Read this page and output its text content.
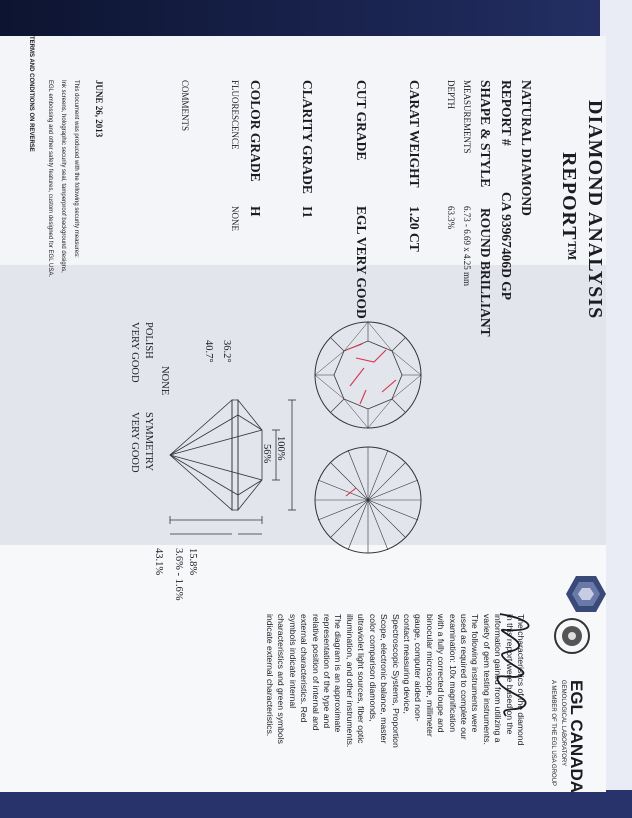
DIAMOND ANALYSIS
REPORT™
NATURAL DIAMOND
REPORT #
CA 93967406D GP
SHAPE & STYLE
ROUND BRILLIANT
MEASUREMENTS
6.73 - 6.69 x 4.25 mm
DEPTH
63.3%
CARAT WEIGHT
1.20 CT
CUT GRADE
EGL VERY GOOD
CLARITY GRADE
I1
COLOR GRADE
H
FLUORESCENCE
NONE
COMMENTS
JUNE 26, 2013
This document was produced with the following security measures:
Ink screens, holographic security seal, tamperproof background designs,
EGL embossing and other safety features, custom designed for EGL USA.
TERMS AND CONDITIONS ON REVERSE
100%
56%
36.2°
40.7°
15.8%
3.6% - 1.6%
43.1%
NONE
POLISH
VERY GOOD
SYMMETRY
VERY GOOD
The characteristics of the diamond
in this report were based on the
information gained from utilizing a
variety of gem testing instruments.
The following instruments were
used as required to complete our
examination: 10x magnification
with a fully corrected loupe and
binocular microscope, millimeter
gauge, computer aided non-
contact measuring device,
Spectroscopic Systems, Proportion
Scope, electronic balance, master
color comparison diamonds,
ultraviolet light sources, fiber optic
illumination, and other instruments.
The diagram is an approximate
representation of the type and
relative position of internal and
external characteristics. Red
symbols indicate internal
characteristics and green symbols
indicate external characteristics.
EGL CANADA
GEMOLOGICAL LABORATORY
A MEMBER OF THE EGL USA GROUP
